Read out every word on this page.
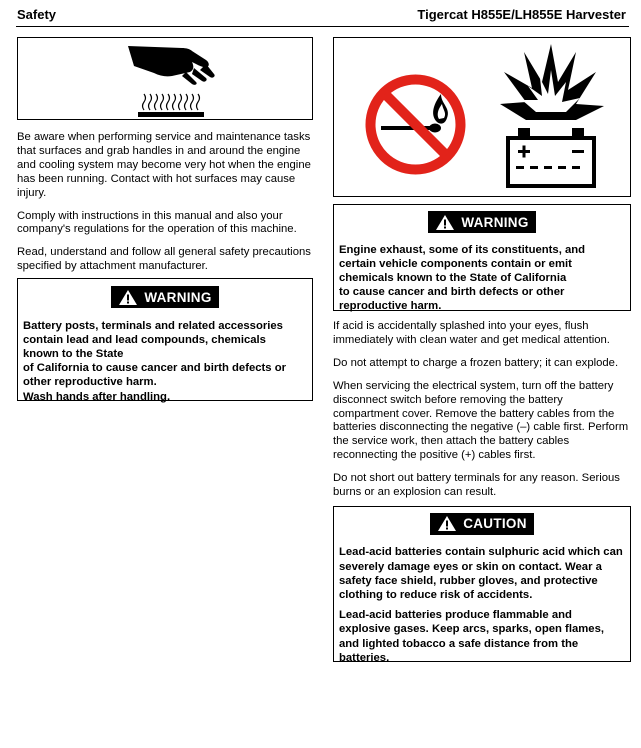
Safety	Tigercat H855E/LH855E Harvester

Be aware when performing service and maintenance tasks that surfaces and grab handles in and around the engine and cooling system may become very hot when the engine has been running. Contact with hot surfaces may cause injury.

Comply with instructions in this manual and also your company's regulations for the operation of this machine.

Read, understand and follow all general safety precautions specified by attachment manufacturer.

WARNING
Battery posts, terminals and related accessories
contain lead and lead compounds, chemicals
known to the State
of California to cause cancer and birth defects or
other reproductive harm.
Wash hands after handling.
WARNING
Engine exhaust, some of its constituents, and
certain vehicle components contain or emit
chemicals known to the State of California
to cause cancer and birth defects or other
reproductive harm.

If acid is accidentally splashed into your eyes, flush immediately with clean water and get medical attention.

Do not attempt to charge a frozen battery; it can explode.

When servicing the electrical system, turn off the battery disconnect switch before removing the battery compartment cover. Remove the battery cables from the batteries disconnecting the negative (–) cable first. Perform the service work, then attach the battery cables reconnecting the positive (+) cables first.

Do not short out battery terminals for any reason. Serious burns or an explosion can result.

CAUTION

Lead-acid batteries contain sulphuric acid which can severely damage eyes or skin on contact. Wear a safety face shield, rubber gloves, and protective clothing to reduce risk of accidents.

Lead-acid batteries produce flammable and explosive gases. Keep arcs, sparks, open flames, and lighted tobacco a safe distance from the batteries.
